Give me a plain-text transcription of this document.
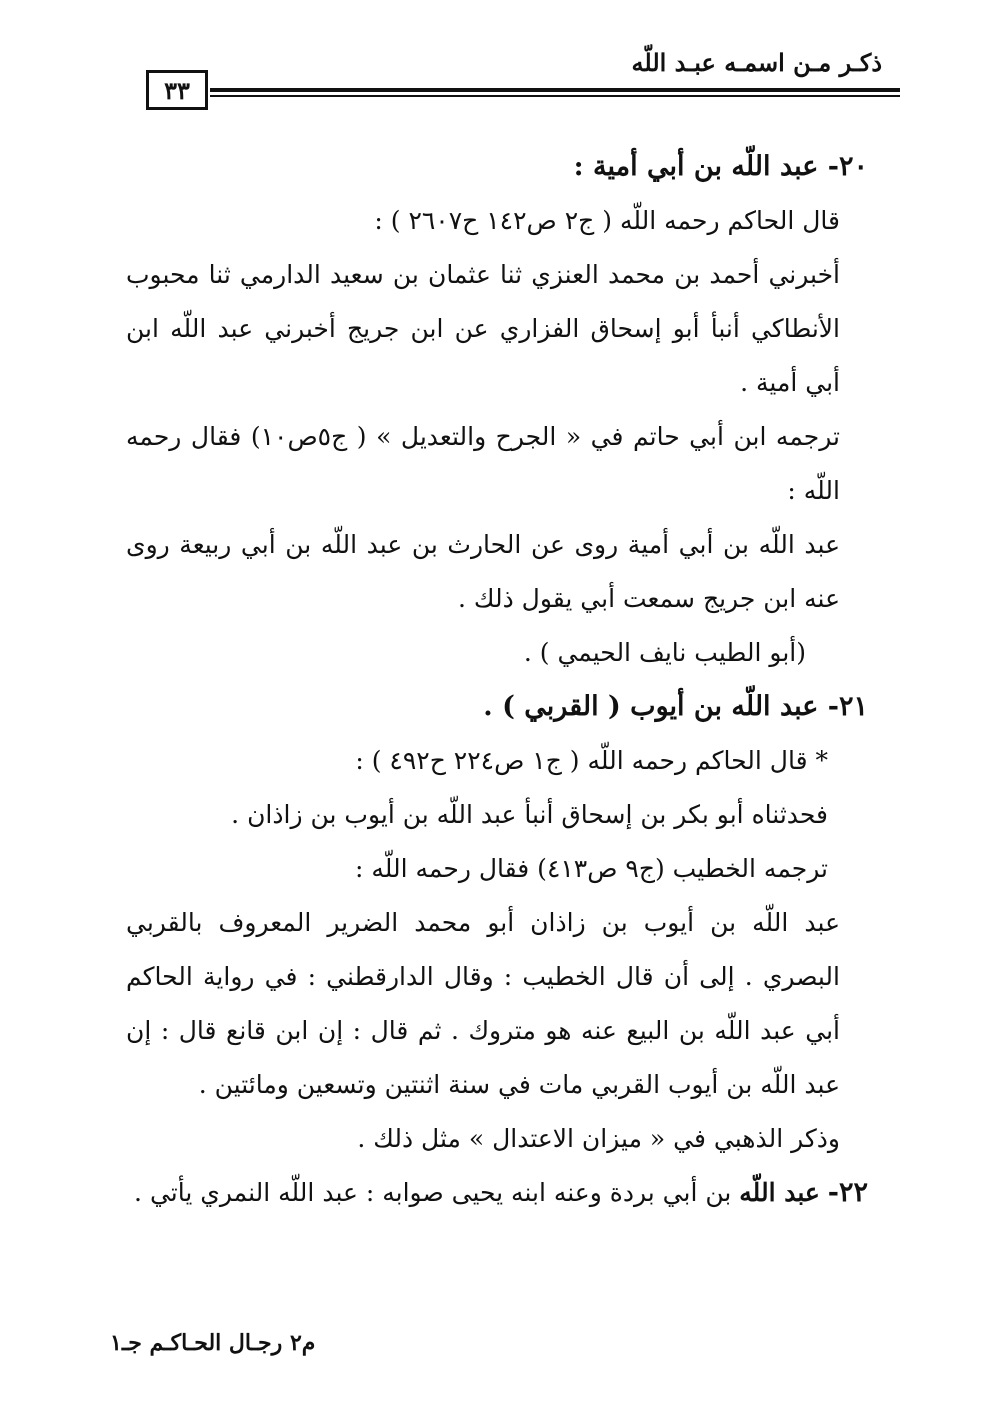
ذكـر مـن اسمـه عبـد اللّه
٣٣

٢٠- عبد اللّه بن أبي أمية :

قال الحاكم رحمه اللّه ( ج٢ ص١٤٢ ح٢٦٠٧ ) :

أخبرني أحمد بن محمد العنزي ثنا عثمان بن سعيد الدارمي ثنا محبوب الأنطاكي أنبأ أبو إسحاق الفزاري عن ابن جريج أخبرني عبد اللّه ابن أبي أمية .

ترجمه ابن أبي حاتم في « الجرح والتعديل » ( ج٥ص١٠) فقال رحمه اللّه :

عبد اللّه بن أبي أمية روى عن الحارث بن عبد اللّه بن أبي ربيعة روى عنه ابن جريج سمعت أبي يقول ذلك .

(أبو الطيب نايف الحيمي ) .

٢١- عبد اللّه بن أيوب ( القربي ) .

* قال الحاكم رحمه اللّه ( ج١ ص٢٢٤ ح٤٩٢ ) :

فحدثناه أبو بكر بن إسحاق أنبأ عبد اللّه بن أيوب بن زاذان .

ترجمه الخطيب (ج٩ ص٤١٣) فقال رحمه اللّه :

عبد اللّه بن أيوب بن زاذان أبو محمد الضرير المعروف بالقربي البصري . إلى أن قال الخطيب : وقال الدارقطني : في رواية الحاكم أبي عبد اللّه بن البيع عنه هو متروك . ثم قال : إن ابن قانع قال : إن عبد اللّه بن أيوب القربي مات في سنة اثنتين وتسعين ومائتين .

وذكر الذهبي في « ميزان الاعتدال » مثل ذلك .

٢٢- عبد اللّه بن أبي بردة وعنه ابنه يحيى صوابه : عبد اللّه النمري يأتي .

م٢ رجـال الحـاكـم جـ١
